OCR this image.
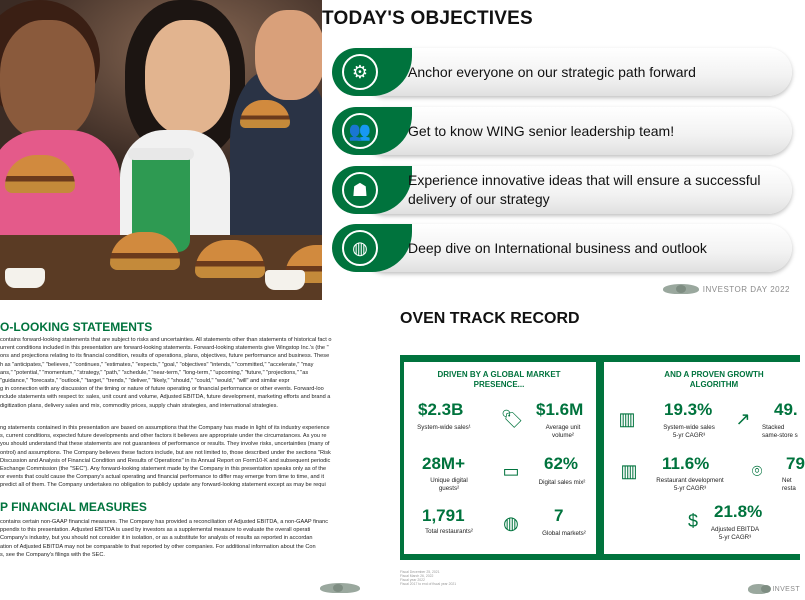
TODAY'S OBJECTIVES
⚙	Anchor everyone on our strategic path forward
👥	Get to know WING senior leadership team!
☗	Experience innovative ideas that will ensure a successful delivery of our strategy
◍	Deep dive on International business and outlook
INVESTOR DAY 2022
O-LOOKING STATEMENTS
contains forward-looking statements that are subject to risks and uncertainties. All statements other than statements of historical fact o
urrent conditions included in this presentation are forward-looking statements. Forward-looking statements give Wingstop Inc.'s (the "
ons and projections relating to its financial condition, results of operations, plans, objectives, future performance and business. These
h as "anticipates," "believes," "continues," "estimates," "expects," "goal," "objectives" "intends," "committed," "accelerate," "may
ans," "potential," "momentum," "strategy," "path," "schedule," "near-term," "long-term," "upcoming," "future," "projections," "as
"guidance," "forecasts," "outlook," "target," "trends," "deliver," "likely," "should," "could," "would," "will" and similar expr
g in connection with any discussion of the timing or nature of future operating or financial performance or other events. Forward-loo
nclude statements with respect to: sales, unit count and volume, Adjusted EBITDA, future development, marketing efforts and brand a
digitization plans, delivery sales and mix, commodity prices, supply chain strategies, and international strategies.
ng statements contained in this presentation are based on assumptions that the Company has made in light of its industry experience
s, current conditions, expected future developments and other factors it believes are appropriate under the circumstances. As you re
you should understand that these statements are not guarantees of performance or results. They involve risks, uncertainties (many of
ontrol) and assumptions. The Company believes these factors include, but are not limited to, those described under the sections "Risk
Discussion and Analysis of Financial Condition and Results of Operations" in its Annual Report on Form10-K and subsequent periodic
Exchange Commission (the "SEC"). Any forward-looking statement made by the Company in this presentation speaks only as of the
or events that could cause the Company's actual operating and financial performance to differ may emerge from time to time, and it
predict all of them. The Company undertakes no obligation to publicly update any forward-looking statement except as may be requi
P FINANCIAL MEASURES
contains certain non-GAAP financial measures. The Company has provided a reconciliation of Adjusted EBITDA, a non-GAAP financ
ppendix to this presentation. Adjusted EBITDA is used by investors as a supplemental measure to evaluate the overall operati
Company's industry, but you should not consider it in isolation, or as a substitute for analysis of results as reported in accordan
ation of Adjusted EBITDA may not be comparable to that reported by other companies. For additional information about the Con
s, see the Company's filings with the SEC.
OVEN TRACK RECORD
DRIVEN BY A GLOBAL MARKET PRESENCE...
$2.3B
System-wide sales¹ 🏷 $1.6M
Average unit
volume²
28M+
Unique digital
guests²
▭ 62%
Digital sales mix²
1,791
Total restaurants²	◍	7
Global markets²
AND A PROVEN GROWTH ALGORITHM
▥ 19.3%
System-wide sales
5-yr CAGR³
↗	49.
Stacked
same-store s
▥ 11.6%
Restaurant development
5-yr CAGR³
⌾	79
Net
resta
$ 21.8%
Adjusted EBITDA
5-yr CAGR³
Fiscal December 25, 2021
Fiscal March 26, 2022
Fiscal year 2022
Fiscal 2017 to end of fiscal year 2021
INVEST
